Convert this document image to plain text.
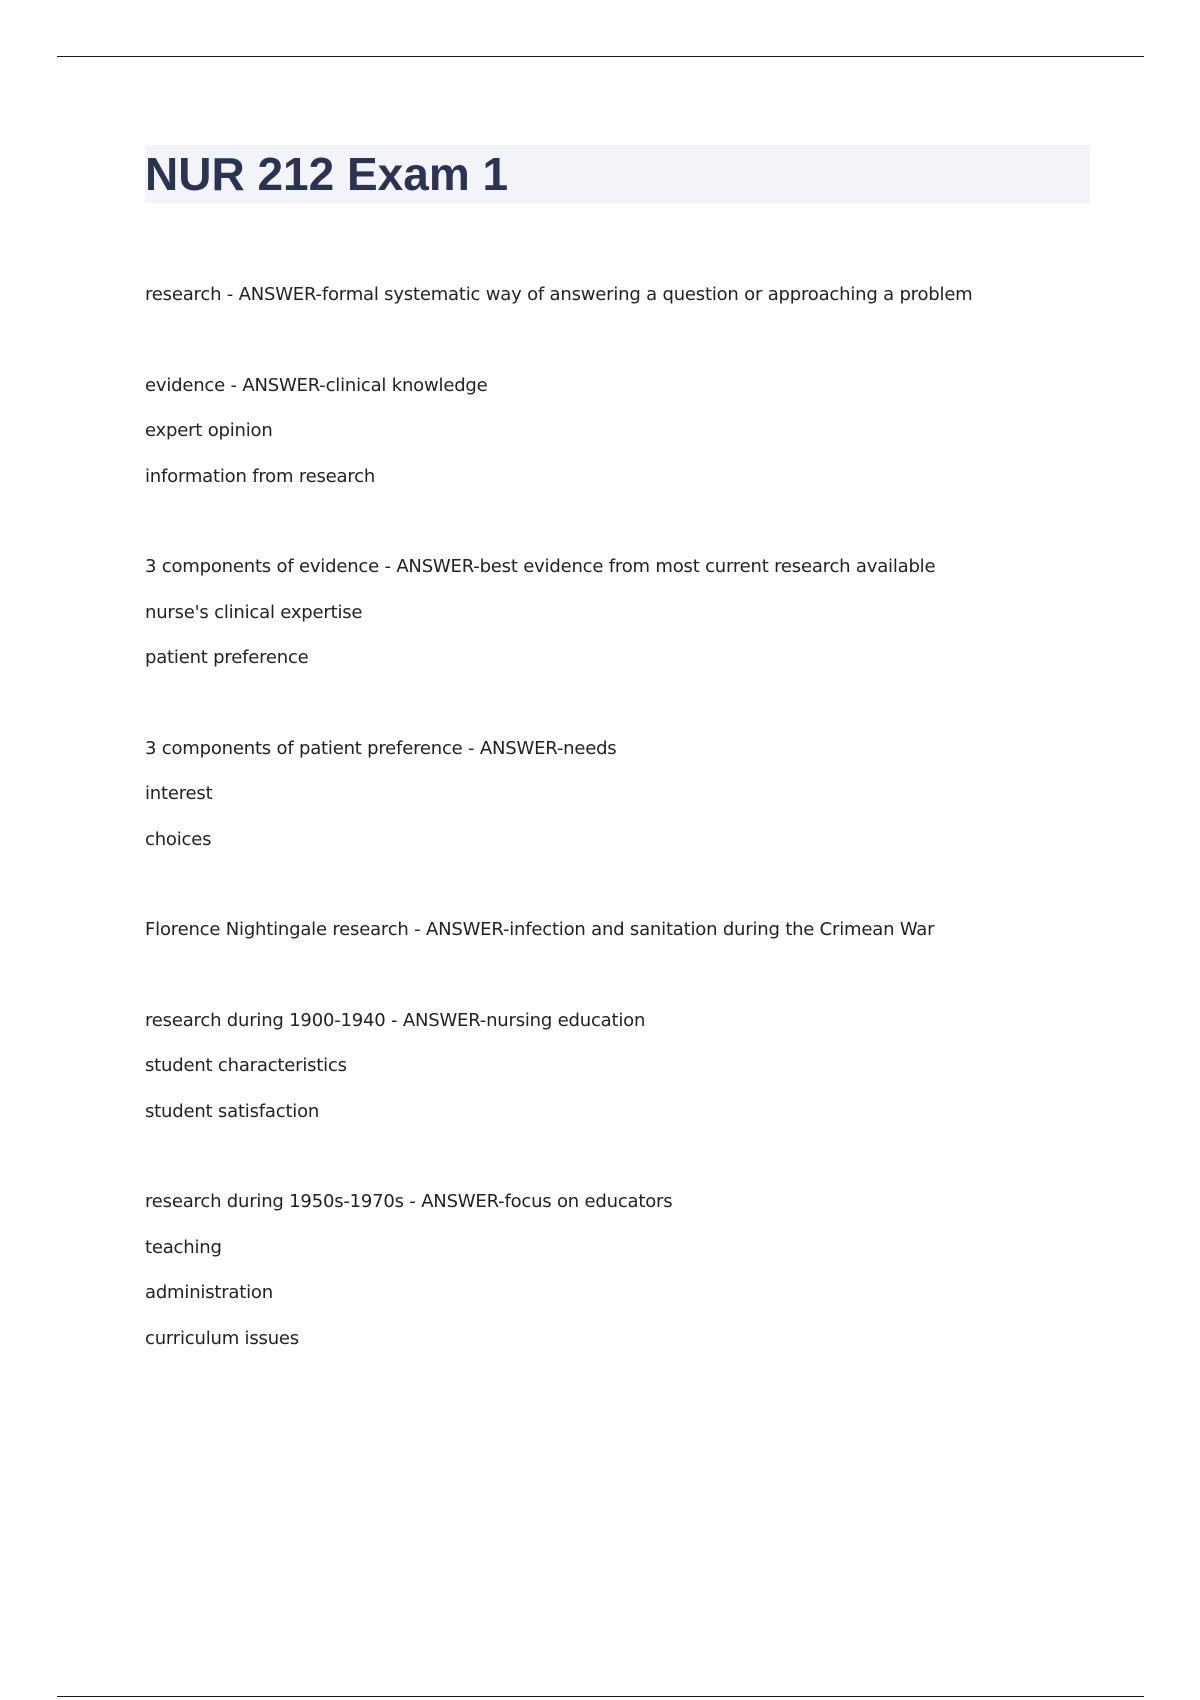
NUR 212 Exam 1
research - ANSWER-formal systematic way of answering a question or approaching a problem
evidence - ANSWER-clinical knowledge
expert opinion
information from research
3 components of evidence - ANSWER-best evidence from most current research available
nurse's clinical expertise
patient preference
3 components of patient preference - ANSWER-needs
interest
choices
Florence Nightingale research - ANSWER-infection and sanitation during the Crimean War
research during 1900-1940 - ANSWER-nursing education
student characteristics
student satisfaction
research during 1950s-1970s - ANSWER-focus on educators
teaching
administration
curriculum issues
